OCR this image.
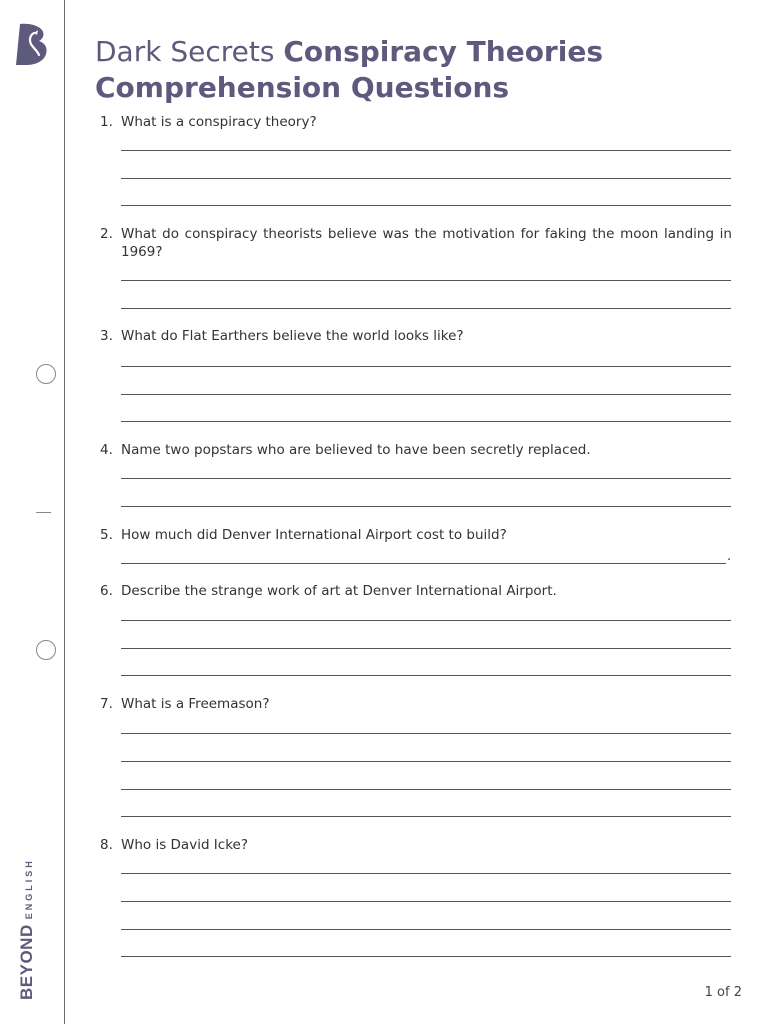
BEYONDENGLISH
Dark Secrets Conspiracy Theories
Comprehension Questions
1. What is a conspiracy theory?
2. What do conspiracy theorists believe was the motivation for faking the moon landing in 1969?
3. What do Flat Earthers believe the world looks like?
4. Name two popstars who are believed to have been secretly replaced.
5. How much did Denver International Airport cost to build?
.
6. Describe the strange work of art at Denver International Airport.
7. What is a Freemason?
8. Who is David Icke?
1 of 2
